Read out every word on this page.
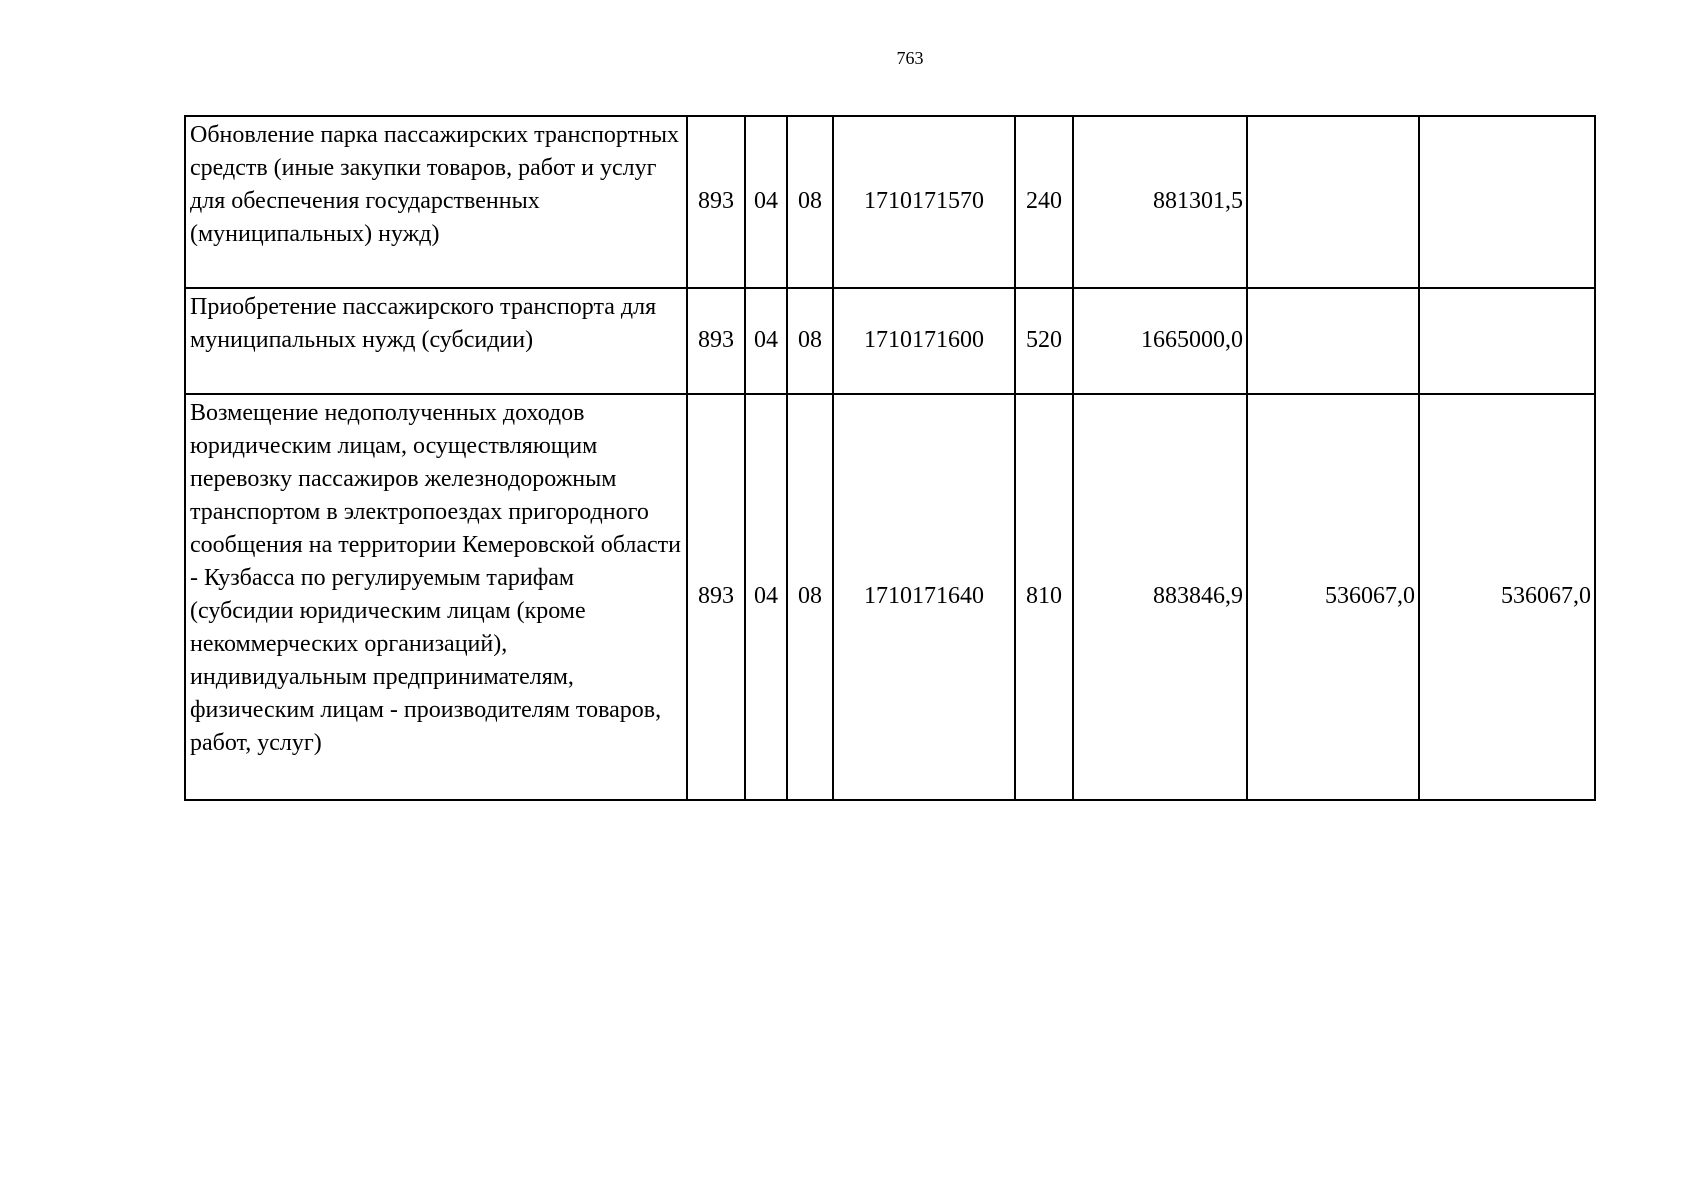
763
Обновление парка пассажирских транспортных средств (иные закупки товаров, работ и услуг для обеспечения государственных (муниципальных) нужд)	893	04	08	1710171570	240	881301,5		
Приобретение пассажирского транспорта для муниципальных нужд (субсидии)	893	04	08	1710171600	520	1665000,0		
Возмещение недополученных доходов юридическим лицам, осуществляющим перевозку пассажиров железнодорожным транспортом в электропоездах пригородного сообщения на территории Кемеровской области - Кузбасса по регулируемым тарифам (субсидии юридическим лицам (кроме некоммерческих организаций), индивидуальным предпринимателям, физическим лицам - производителям товаров, работ, услуг)	893	04	08	1710171640	810	883846,9	536067,0	536067,0
